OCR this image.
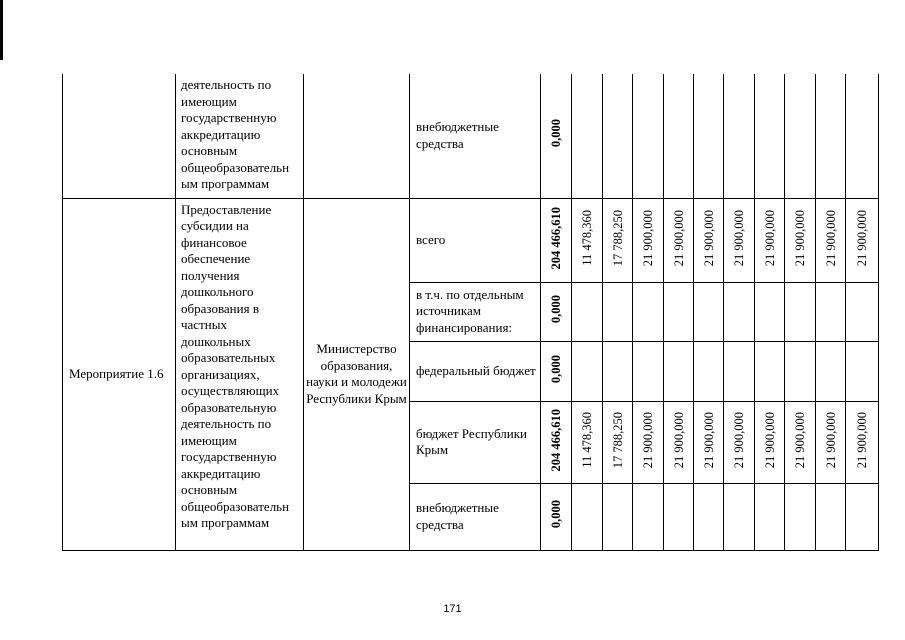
	деятельность по имеющим государственную аккредитацию основным общеобразовательн ым программам		внебюджетные средства	0,000										
Мероприятие 1.6	Предоставление субсидии на финансовое обеспечение получения дошкольного образования в частных дошкольных образовательных организациях, осуществляющих образовательную деятельность по имеющим государственную аккредитацию основным общеобразовательн ым программам	Министерство образования, науки и молодежи Республики Крым	всего	204 466,610	11 478,360	17 788,250	21 900,000	21 900,000	21 900,000	21 900,000	21 900,000	21 900,000	21 900,000	21 900,000
			в т.ч. по отдельным источникам финансирования:	0,000										
			федеральный бюджет	0,000										
			бюджет Республики Крым	204 466,610	11 478,360	17 788,250	21 900,000	21 900,000	21 900,000	21 900,000	21 900,000	21 900,000	21 900,000	21 900,000
			внебюджетные средства	0,000										
171
